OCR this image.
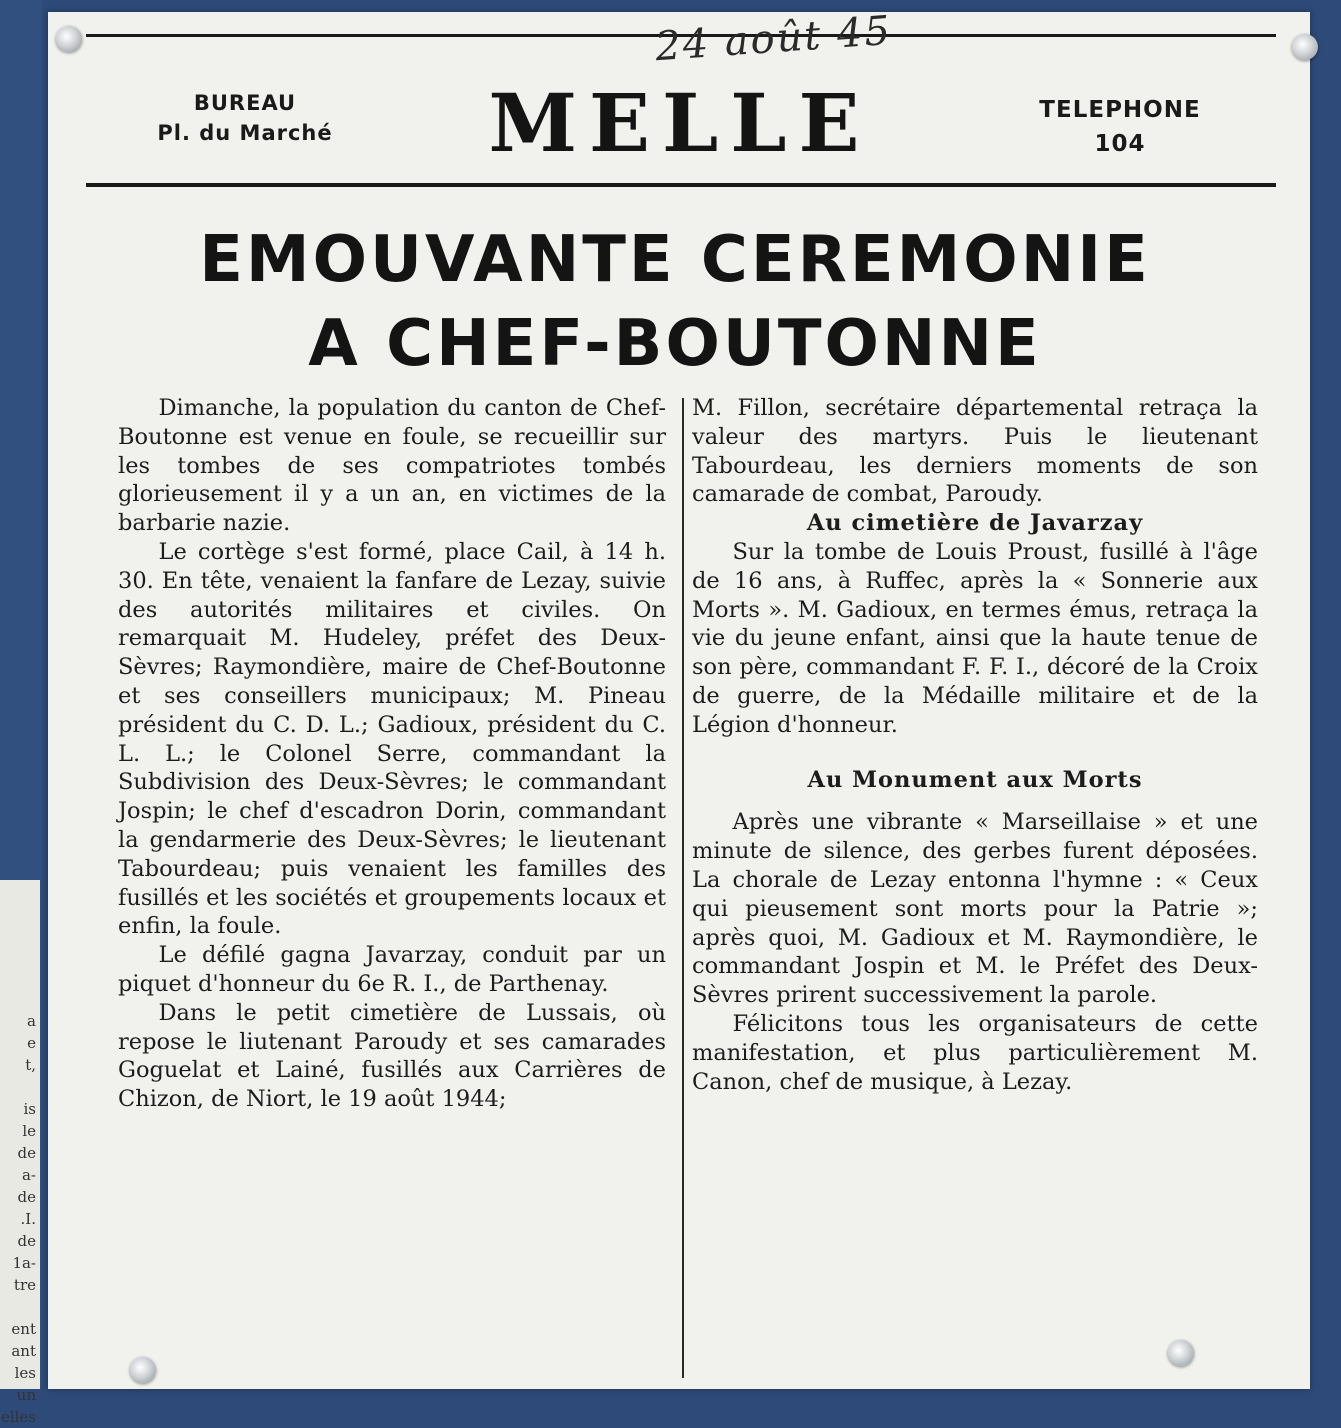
a
e
t,
is
le
de
a-
de
.I.
de
1a-
tre
ent
ant
les
un
elles
24 août 45
BUREAU
Pl. du Marché	MELLE	TELEPHONE
104
EMOUVANTE CEREMONIE
A CHEF-BOUTONNE

Dimanche, la population du canton de Chef-Boutonne est venue en foule, se recueillir sur les tombes de ses compatriotes tombés glorieusement il y a un an, en victimes de la barbarie nazie.

Le cortège s'est formé, place Cail, à 14 h. 30. En tête, venaient la fanfare de Lezay, suivie des autorités militaires et civiles. On remarquait M. Hudeley, préfet des Deux-Sèvres; Raymondière, maire de Chef-Boutonne et ses conseillers municipaux; M. Pineau président du C. D. L.; Gadioux, président du C. L. L.; le Colonel Serre, commandant la Subdivision des Deux-Sèvres; le commandant Jospin; le chef d'escadron Dorin, commandant la gendarmerie des Deux-Sèvres; le lieutenant Tabourdeau; puis venaient les familles des fusillés et les sociétés et groupements locaux et enfin, la foule.

Le défilé gagna Javarzay, conduit par un piquet d'honneur du 6e R. I., de Parthenay.

Dans le petit cimetière de Lussais, où repose le liutenant Paroudy et ses camarades Goguelat et Lainé, fusillés aux Carrières de Chizon, de Niort, le 19 août 1944;

M. Fillon, secrétaire départemental retraça la valeur des martyrs. Puis le lieutenant Tabourdeau, les derniers moments de son camarade de combat, Paroudy.

Au cimetière de Javarzay

Sur la tombe de Louis Proust, fusillé à l'âge de 16 ans, à Ruffec, après la « Sonnerie aux Morts ». M. Gadioux, en termes émus, retraça la vie du jeune enfant, ainsi que la haute tenue de son père, commandant F. F. I., décoré de la Croix de guerre, de la Médaille militaire et de la Légion d'honneur.

Au Monument aux Morts

Après une vibrante « Marseillaise » et une minute de silence, des gerbes furent déposées. La chorale de Lezay entonna l'hymne : « Ceux qui pieusement sont morts pour la Patrie »; après quoi, M. Gadioux et M. Raymondière, le commandant Jospin et M. le Préfet des Deux-Sèvres prirent successivement la parole.

Félicitons tous les organisateurs de cette manifestation, et plus particulièrement M. Canon, chef de musique, à Lezay.
